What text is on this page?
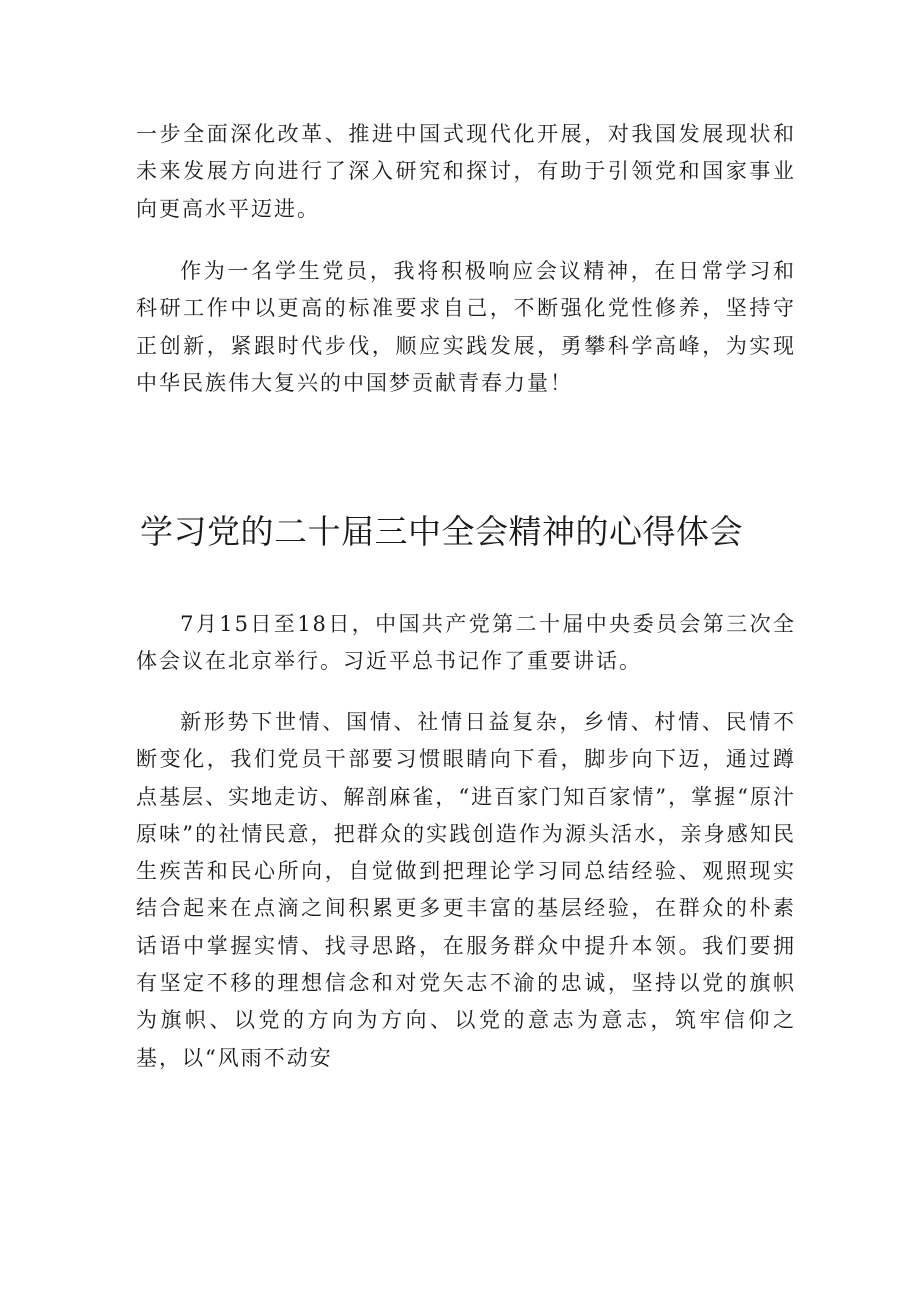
一步全面深化改革、推进中国式现代化开展，对我国发展现状和未来发展方向进行了深入研究和探讨，有助于引领党和国家事业向更高水平迈进。

作为一名学生党员，我将积极响应会议精神，在日常学习和科研工作中以更高的标准要求自己，不断强化党性修养，坚持守正创新，紧跟时代步伐，顺应实践发展，勇攀科学高峰，为实现中华民族伟大复兴的中国梦贡献青春力量！

学习党的二十届三中全会精神的心得体会

7月15日至18日，中国共产党第二十届中央委员会第三次全体会议在北京举行。习近平总书记作了重要讲话。

新形势下世情、国情、社情日益复杂，乡情、村情、民情不断变化，我们党员干部要习惯眼睛向下看，脚步向下迈，通过蹲点基层、实地走访、解剖麻雀，“进百家门知百家情”，掌握“原汁原味”的社情民意，把群众的实践创造作为源头活水，亲身感知民生疾苦和民心所向，自觉做到把理论学习同总结经验、观照现实结合起来在点滴之间积累更多更丰富的基层经验，在群众的朴素话语中掌握实情、找寻思路，在服务群众中提升本领。我们要拥有坚定不移的理想信念和对党矢志不渝的忠诚，坚持以党的旗帜为旗帜、以党的方向为方向、以党的意志为意志，筑牢信仰之基，以“风雨不动安
